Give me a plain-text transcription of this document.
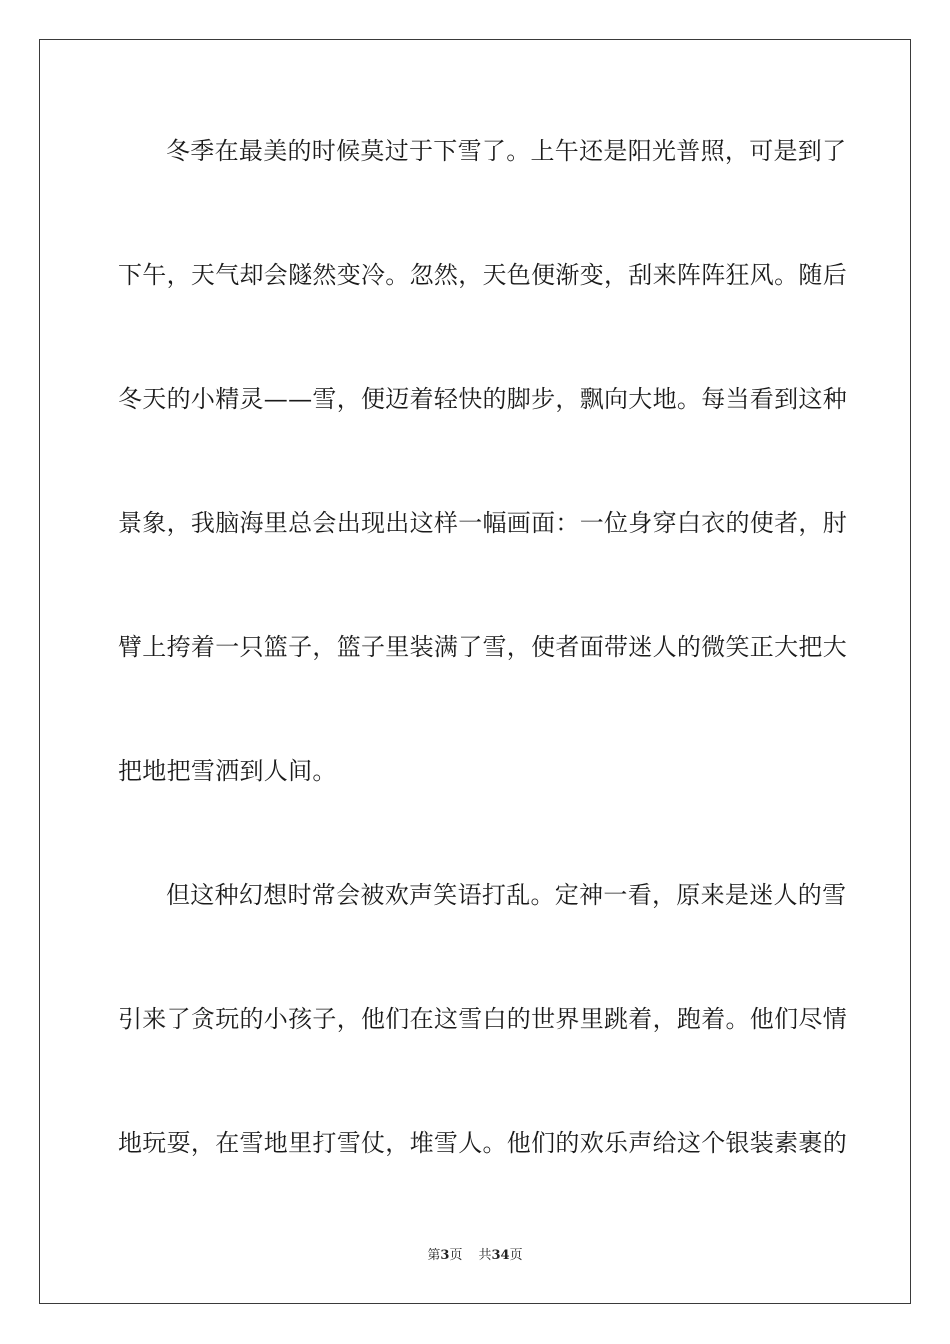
冬季在最美的时候莫过于下雪了。上午还是阳光普照，可是到了
下午，天气却会隧然变冷。忽然，天色便渐变，刮来阵阵狂风。随后
冬天的小精灵——雪，便迈着轻快的脚步，飘向大地。每当看到这种
景象，我脑海里总会出现出这样一幅画面：一位身穿白衣的使者，肘
臂上挎着一只篮子，篮子里装满了雪，使者面带迷人的微笑正大把大
把地把雪洒到人间。
但这种幻想时常会被欢声笑语打乱。定神一看，原来是迷人的雪
引来了贪玩的小孩子，他们在这雪白的世界里跳着，跑着。他们尽情
地玩耍，在雪地里打雪仗，堆雪人。他们的欢乐声给这个银装素裹的
第3页 共34页
